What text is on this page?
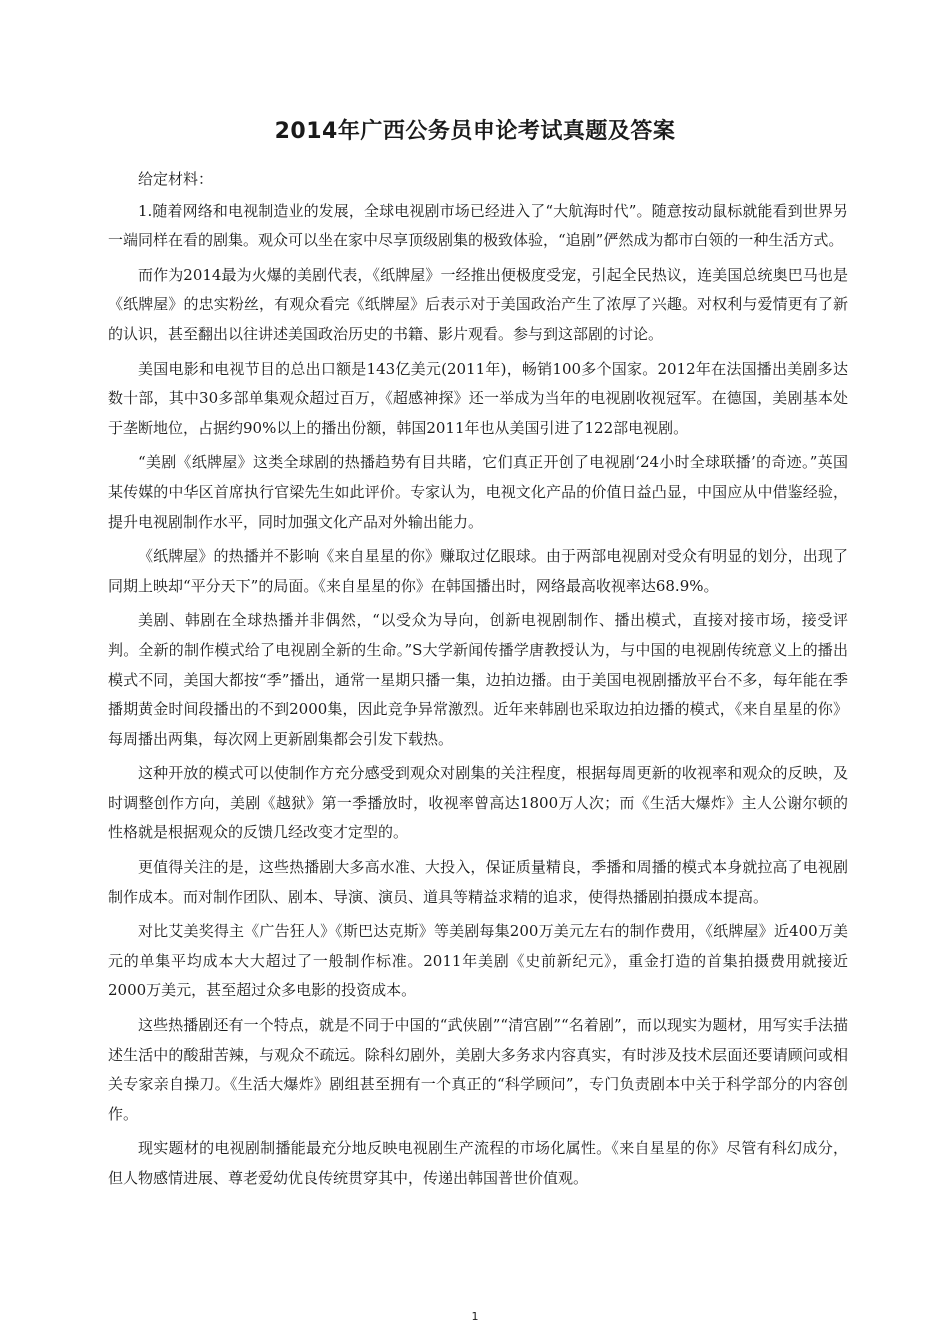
2014年广西公务员申论考试真题及答案

给定材料：

1.随着网络和电视制造业的发展，全球电视剧市场已经进入了“大航海时代”。随意按动鼠标就能看到世界另一端同样在看的剧集。观众可以坐在家中尽享顶级剧集的极致体验，“追剧”俨然成为都市白领的一种生活方式。

而作为2014最为火爆的美剧代表，《纸牌屋》一经推出便极度受宠，引起全民热议，连美国总统奥巴马也是《纸牌屋》的忠实粉丝，有观众看完《纸牌屋》后表示对于美国政治产生了浓厚了兴趣。对权利与爱情更有了新的认识，甚至翻出以往讲述美国政治历史的书籍、影片观看。参与到这部剧的讨论。

美国电影和电视节目的总出口额是143亿美元(2011年)，畅销100多个国家。2012年在法国播出美剧多达数十部，其中30多部单集观众超过百万，《超感神探》还一举成为当年的电视剧收视冠军。在德国，美剧基本处于垄断地位，占据约90%以上的播出份额，韩国2011年也从美国引进了122部电视剧。

“美剧《纸牌屋》这类全球剧的热播趋势有目共睹，它们真正开创了电视剧‘24小时全球联播’的奇迹。”英国某传媒的中华区首席执行官梁先生如此评价。专家认为，电视文化产品的价值日益凸显，中国应从中借鉴经验，提升电视剧制作水平，同时加强文化产品对外输出能力。

《纸牌屋》的热播并不影响《来自星星的你》赚取过亿眼球。由于两部电视剧对受众有明显的划分，出现了同期上映却“平分天下”的局面。《来自星星的你》在韩国播出时，网络最高收视率达68.9%。

美剧、韩剧在全球热播并非偶然，“以受众为导向，创新电视剧制作、播出模式，直接对接市场，接受评判。全新的制作模式给了电视剧全新的生命。”S大学新闻传播学唐教授认为，与中国的电视剧传统意义上的播出模式不同，美国大都按“季”播出，通常一星期只播一集，边拍边播。由于美国电视剧播放平台不多，每年能在季播期黄金时间段播出的不到2000集，因此竞争异常激烈。近年来韩剧也采取边拍边播的模式，《来自星星的你》每周播出两集，每次网上更新剧集都会引发下载热。

这种开放的模式可以使制作方充分感受到观众对剧集的关注程度，根据每周更新的收视率和观众的反映，及时调整创作方向，美剧《越狱》第一季播放时，收视率曾高达1800万人次；而《生活大爆炸》主人公谢尔顿的性格就是根据观众的反馈几经改变才定型的。

更值得关注的是，这些热播剧大多高水准、大投入，保证质量精良，季播和周播的模式本身就拉高了电视剧制作成本。而对制作团队、剧本、导演、演员、道具等精益求精的追求，使得热播剧拍摄成本提高。

对比艾美奖得主《广告狂人》《斯巴达克斯》等美剧每集200万美元左右的制作费用，《纸牌屋》近400万美元的单集平均成本大大超过了一般制作标准。2011年美剧《史前新纪元》，重金打造的首集拍摄费用就接近2000万美元，甚至超过众多电影的投资成本。

这些热播剧还有一个特点，就是不同于中国的“武侠剧”“清宫剧”“名着剧”，而以现实为题材，用写实手法描述生活中的酸甜苦辣，与观众不疏远。除科幻剧外，美剧大多务求内容真实，有时涉及技术层面还要请顾问或相关专家亲自操刀。《生活大爆炸》剧组甚至拥有一个真正的“科学顾问”，专门负责剧本中关于科学部分的内容创作。

现实题材的电视剧制播能最充分地反映电视剧生产流程的市场化属性。《来自星星的你》尽管有科幻成分，但人物感情进展、尊老爱幼优良传统贯穿其中，传递出韩国普世价值观。

1
